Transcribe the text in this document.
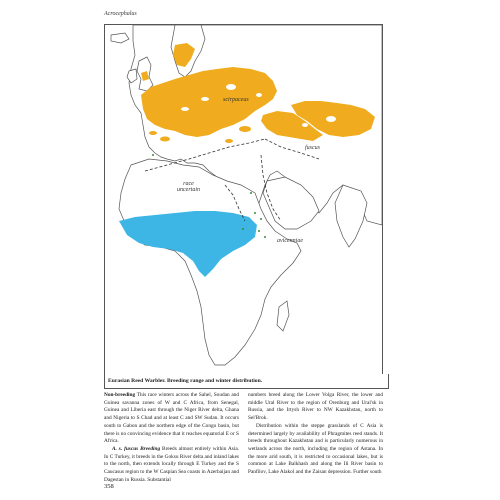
Acrocephalus
scirpaceus
fuscus
race
uncertain
avicenniae
Eurasian Reed Warbler. Breeding range and winter distribution.

Non-breeding This race winters across the Sahel, Soudan and Guinea savanna zones of W and C Africa, from Senegal, Guinea and Liberia east through the Niger River delta, Ghana and Nigeria to S Chad and at least C and SW Sudan. It occurs south to Gabon and the northern edge of the Congo basin, but there is no convincing evidence that it reaches equatorial E or S Africa.

A. s. fuscus Breeding Breeds almost entirely within Asia. In C Turkey, it breeds in the Goksu River delta and inland lakes to the north, then extends locally through E Turkey and the S Caucasus region to the W Caspian Sea coasts in Azerbaijan and Dagestan in Russia. Substantial

numbers breed along the Lower Volga River, the lower and middle Ural River to the region of Orenburg and Ural'sk in Russia, and the Irtysh River to NW Kazakhstan, north to Sel'Brok.

Distribution within the steppe grasslands of C Asia is determined largely by availability of Phragmites reed stands. It breeds throughout Kazakhstan and is particularly numerous in wetlands across the north, including the region of Astana. In the more arid south, it is restricted to occasional lakes, but is common at Lake Balkhash and along the Ili River basin to Panfilov, Lake Alakol and the Zaisan depression. Further south

358
